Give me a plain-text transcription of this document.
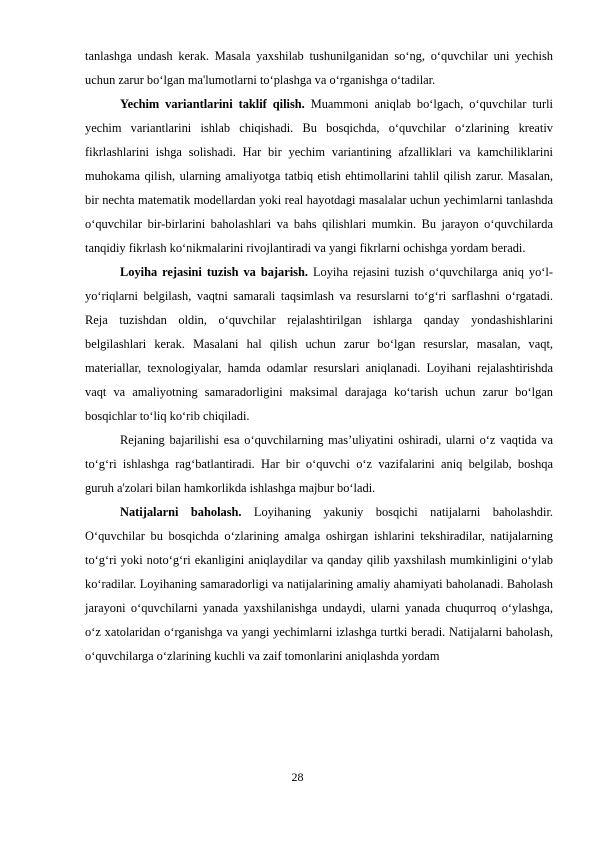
tanlashga undash kerak. Masala yaxshilab tushunilganidan so‘ng, o‘quvchilar uni yechish uchun zarur bo‘lgan ma'lumotlarni to‘plashga va o‘rganishga o‘tadilar.

Yechim variantlarini taklif qilish. Muammoni aniqlab bo‘lgach, o‘quvchilar turli yechim variantlarini ishlab chiqishadi. Bu bosqichda, o‘quvchilar o‘zlarining kreativ fikrlashlarini ishga solishadi. Har bir yechim variantining afzalliklari va kamchiliklarini muhokama qilish, ularning amaliyotga tatbiq etish ehtimollarini tahlil qilish zarur. Masalan, bir nechta matematik modellardan yoki real hayotdagi masalalar uchun yechimlarni tanlashda o‘quvchilar bir-birlarini baholashlari va bahs qilishlari mumkin. Bu jarayon o‘quvchilarda tanqidiy fikrlash ko‘nikmalarini rivojlantiradi va yangi fikrlarni ochishga yordam beradi.

Loyiha rejasini tuzish va bajarish. Loyiha rejasini tuzish o‘quvchilarga aniq yo‘l-yo‘riqlarni belgilash, vaqtni samarali taqsimlash va resurslarni to‘g‘ri sarflashni o‘rgatadi. Reja tuzishdan oldin, o‘quvchilar rejalashtirilgan ishlarga qanday yondashishlarini belgilashlari kerak. Masalani hal qilish uchun zarur bo‘lgan resurslar, masalan, vaqt, materiallar, texnologiyalar, hamda odamlar resurslari aniqlanadi. Loyihani rejalashtirishda vaqt va amaliyotning samaradorligini maksimal darajaga ko‘tarish uchun zarur bo‘lgan bosqichlar to‘liq ko‘rib chiqiladi.

Rejaning bajarilishi esa o‘quvchilarning mas’uliyatini oshiradi, ularni o‘z vaqtida va to‘g‘ri ishlashga rag‘batlantiradi. Har bir o‘quvchi o‘z vazifalarini aniq belgilab, boshqa guruh a'zolari bilan hamkorlikda ishlashga majbur bo‘ladi.

Natijalarni baholash. Loyihaning yakuniy bosqichi natijalarni baholashdir. O‘quvchilar bu bosqichda o‘zlarining amalga oshirgan ishlarini tekshiradilar, natijalarning to‘g‘ri yoki noto‘g‘ri ekanligini aniqlaydilar va qanday qilib yaxshilash mumkinligini o‘ylab ko‘radilar. Loyihaning samaradorligi va natijalarining amaliy ahamiyati baholanadi. Baholash jarayoni o‘quvchilarni yanada yaxshilanishga undaydi, ularni yanada chuqurroq o‘ylashga, o‘z xatolaridan o‘rganishga va yangi yechimlarni izlashga turtki beradi. Natijalarni baholash, o‘quvchilarga o‘zlarining kuchli va zaif tomonlarini aniqlashda yordam

28
